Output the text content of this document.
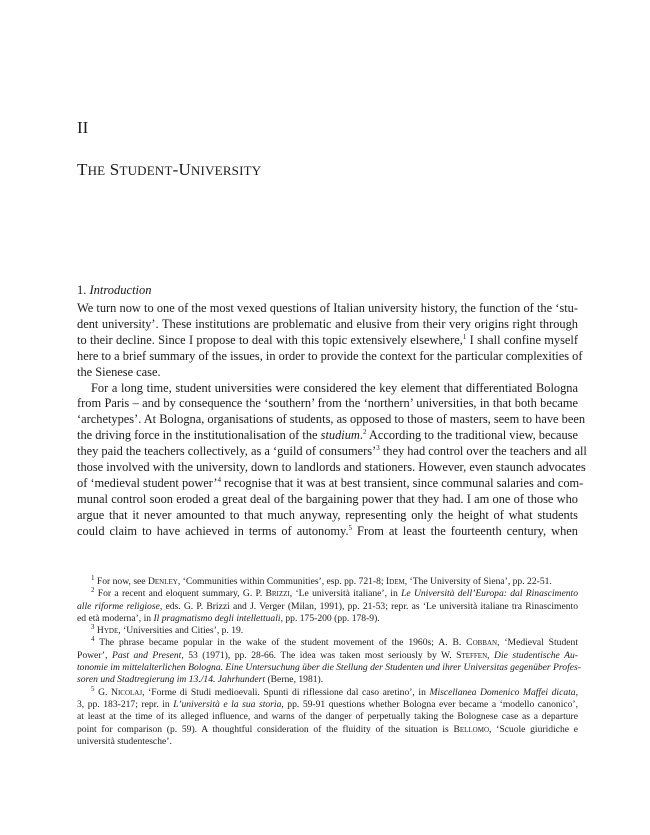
II
THE STUDENT-UNIVERSITY
1. Introduction
We turn now to one of the most vexed questions of Italian university history, the function of the ‘stu-
dent university’. These institutions are problematic and elusive from their very origins right through
to their decline. Since I propose to deal with this topic extensively elsewhere,$^1$ I shall confine myself
here to a brief summary of the issues, in order to provide the context for the particular complexities of
the Sienese case.
For a long time, student universities were considered the key element that differentiated Bologna
from Paris – and by consequence the ‘southern’ from the ‘northern’ universities, in that both became
‘archetypes’. At Bologna, organisations of students, as opposed to those of masters, seem to have been
the driving force in the institutionalisation of the studium.$^2$ According to the traditional view, because
they paid the teachers collectively, as a ‘guild of consumers’$^3$ they had control over the teachers and all
those involved with the university, down to landlords and stationers. However, even staunch advocates
of ‘medieval student power’$^4$ recognise that it was at best transient, since communal salaries and com-
munal control soon eroded a great deal of the bargaining power that they had. I am one of those who
argue that it never amounted to that much anyway, representing only the height of what students
could claim to have achieved in terms of autonomy.$^5$ From at least the fourteenth century, when
$^1$ For now, see Denley, ‘Communities within Communities’, esp. pp. 721-8; Idem, ‘The University of Siena’, pp. 22-51.
$^2$ For a recent and eloquent summary, G. P. Brizzi, ‘Le università italiane’, in Le Università dell’Europa: dal Rinascimento
alle riforme religiose, eds. G. P. Brizzi and J. Verger (Milan, 1991), pp. 21-53; repr. as ‘Le università italiane tra Rinascimento
ed età moderna’, in Il pragmatismo degli intellettuali, pp. 175-200 (pp. 178-9).
$^3$ Hyde, ‘Universities and Cities’, p. 19.
$^4$ The phrase became popular in the wake of the student movement of the 1960s; A. B. Cobban, ‘Medieval Student
Power’, Past and Present, 53 (1971), pp. 28-66. The idea was taken most seriously by W. Steffen, Die studentische Au-
tonomie im mittelalterlichen Bologna. Eine Untersuchung über die Stellung der Studenten und ihrer Universitas gegenüber Profes-
soren und Stadtregierung im 13./14. Jahrhundert (Berne, 1981).
$^5$ G. Nicolaj, ‘Forme di Studi medioevali. Spunti di riflessione dal caso aretino’, in Miscellanea Domenico Maffei dicata,
3, pp. 183-217; repr. in L’università e la sua storia, pp. 59-91 questions whether Bologna ever became a ‘modello canonico’,
at least at the time of its alleged influence, and warns of the danger of perpetually taking the Bolognese case as a departure
point for comparison (p. 59). A thoughtful consideration of the fluidity of the situation is Bellomo, ‘Scuole giuridiche e
università studentesche’.
